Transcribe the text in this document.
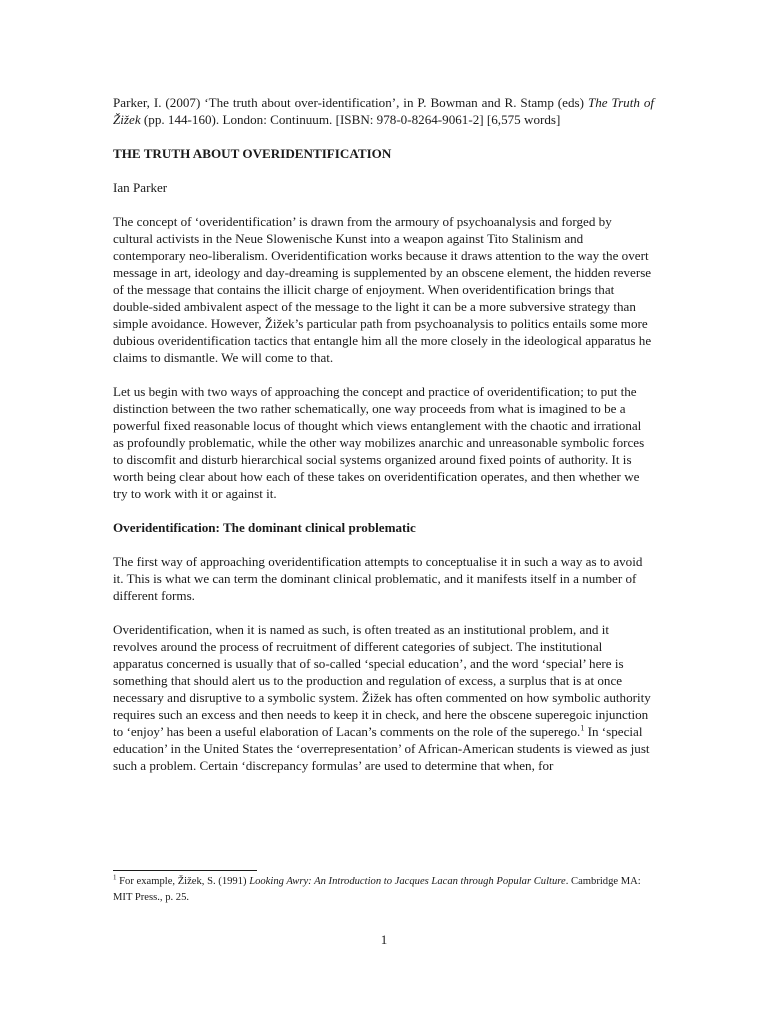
Parker, I. (2007) ‘The truth about over-identification’, in P. Bowman and R. Stamp (eds) The Truth of Žižek (pp. 144-160). London: Continuum. [ISBN: 978-0-8264-9061-2] [6,575 words]

THE TRUTH ABOUT OVERIDENTIFICATION

Ian Parker

The concept of ‘overidentification’ is drawn from the armoury of psychoanalysis and forged by cultural activists in the Neue Slowenische Kunst into a weapon against Tito Stalinism and contemporary neo-liberalism. Overidentification works because it draws attention to the way the overt message in art, ideology and day-dreaming is supplemented by an obscene element, the hidden reverse of the message that contains the illicit charge of enjoyment. When overidentification brings that double-sided ambivalent aspect of the message to the light it can be a more subversive strategy than simple avoidance. However, Žižek’s particular path from psychoanalysis to politics entails some more dubious overidentification tactics that entangle him all the more closely in the ideological apparatus he claims to dismantle. We will come to that.

Let us begin with two ways of approaching the concept and practice of overidentification; to put the distinction between the two rather schematically, one way proceeds from what is imagined to be a powerful fixed reasonable locus of thought which views entanglement with the chaotic and irrational as profoundly problematic, while the other way mobilizes anarchic and unreasonable symbolic forces to discomfit and disturb hierarchical social systems organized around fixed points of authority. It is worth being clear about how each of these takes on overidentification operates, and then whether we try to work with it or against it.

Overidentification: The dominant clinical problematic

The first way of approaching overidentification attempts to conceptualise it in such a way as to avoid it. This is what we can term the dominant clinical problematic, and it manifests itself in a number of different forms.

Overidentification, when it is named as such, is often treated as an institutional problem, and it revolves around the process of recruitment of different categories of subject. The institutional apparatus concerned is usually that of so-called ‘special education’, and the word ‘special’ here is something that should alert us to the production and regulation of excess, a surplus that is at once necessary and disruptive to a symbolic system. Žižek has often commented on how symbolic authority requires such an excess and then needs to keep it in check, and here the obscene superegoic injunction to ‘enjoy’ has been a useful elaboration of Lacan’s comments on the role of the superego.$^1$ In ‘special education’ in the United States the ‘overrepresentation’ of African-American students is viewed as just such a problem. Certain ‘discrepancy formulas’ are used to determine that when, for

$^1$ For example, Žižek, S. (1991) Looking Awry: An Introduction to Jacques Lacan through Popular Culture. Cambridge MA: MIT Press., p. 25.

1
